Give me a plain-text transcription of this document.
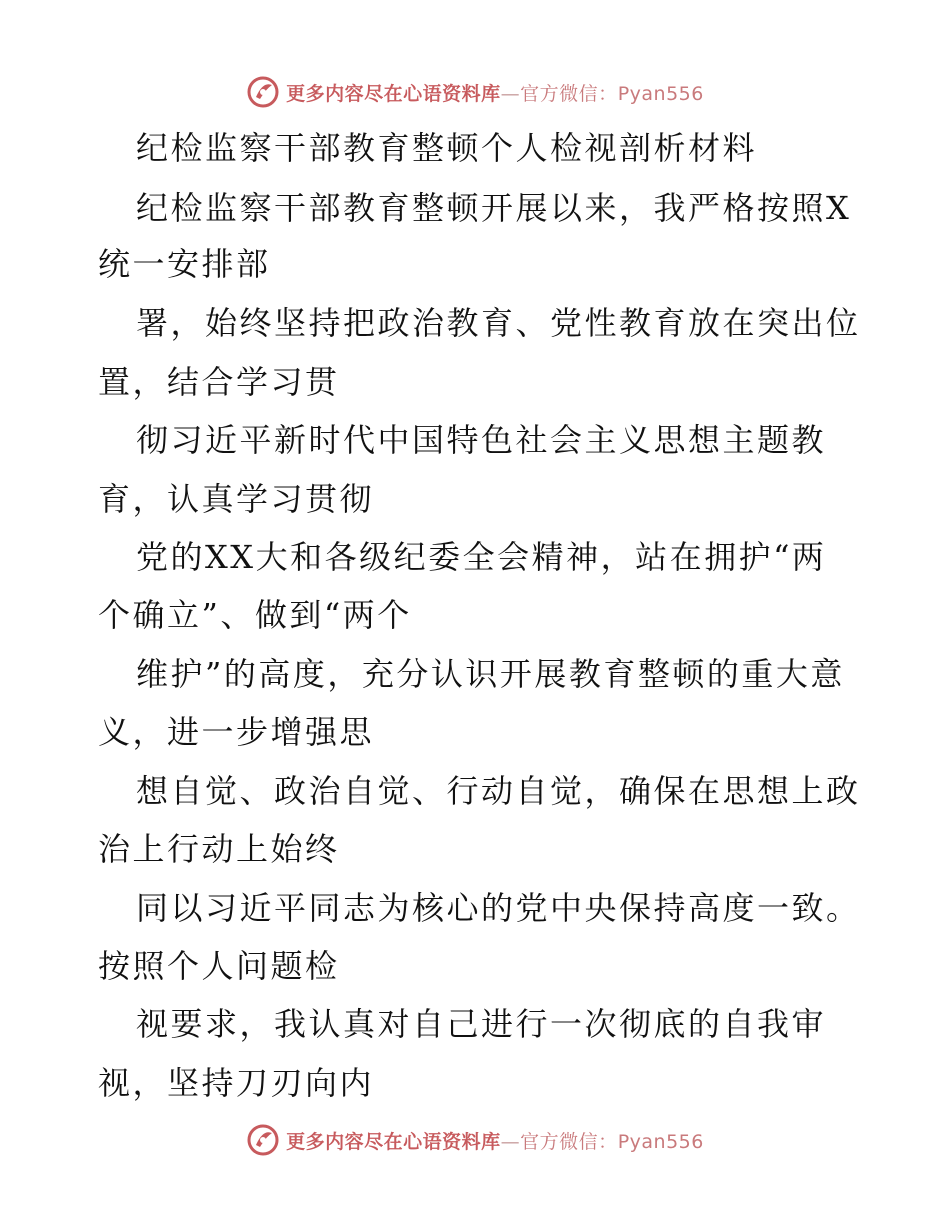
更多内容尽在心语资料库—官方微信：Pyan556
纪检监察干部教育整顿个人检视剖析材料
纪检监察干部教育整顿开展以来，我严格按照X
统一安排部
署，始终坚持把政治教育、党性教育放在突出位
置，结合学习贯
彻习近平新时代中国特色社会主义思想主题教
育，认真学习贯彻
党的XX大和各级纪委全会精神，站在拥护“两
个确立”、做到“两个
维护”的高度，充分认识开展教育整顿的重大意
义，进一步增强思
想自觉、政治自觉、行动自觉，确保在思想上政
治上行动上始终
同以习近平同志为核心的党中央保持高度一致。
按照个人问题检
视要求，我认真对自己进行一次彻底的自我审
视，坚持刀刃向内
更多内容尽在心语资料库—官方微信：Pyan556
